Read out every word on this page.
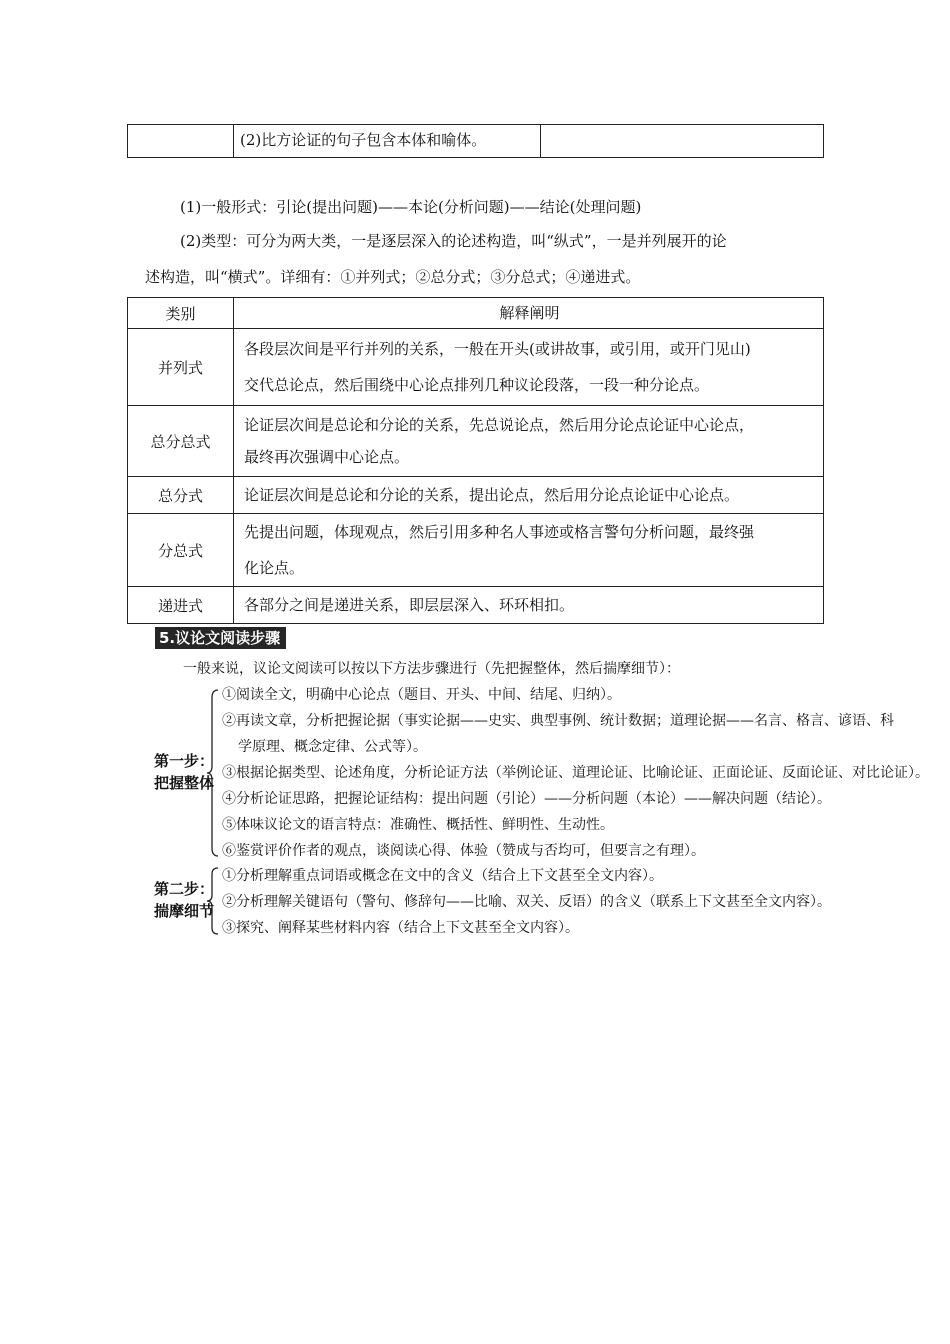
(2)比方论证的句子包含本体和喻体。
(1)一般形式：引论(提出问题)——本论(分析问题)——结论(处理问题)
(2)类型：可分为两大类，一是逐层深入的论述构造，叫“纵式”，一是并列展开的论
述构造，叫“横式”。详细有：①并列式；②总分式；③分总式；④递进式。
类别	解释阐明
并列式	各段层次间是平行并列的关系，一般在开头(或讲故事，或引用，或开门见山)
交代总论点，然后围绕中心论点排列几种议论段落，一段一种分论点。

总分总式	论证层次间是总论和分论的关系，先总说论点，然后用分论点论证中心论点，
最终再次强调中心论点。

总分式	论证层次间是总论和分论的关系，提出论点，然后用分论点论证中心论点。
分总式	先提出问题，体现观点，然后引用多种名人事迹或格言警句分析问题，最终强
化论点。

递进式	各部分之间是递进关系，即层层深入、环环相扣。
5.议论文阅读步骤
一般来说，议论文阅读可以按以下方法步骤进行（先把握整体，然后揣摩细节）：
第一步：
把握整体
①阅读全文，明确中心论点（题目、开头、中间、结尾、归纳）。
②再读文章，分析把握论据（事实论据——史实、典型事例、统计数据；道理论据——名言、格言、谚语、科
学原理、概念定律、公式等）。
③根据论据类型、论述角度，分析论证方法（举例论证、道理论证、比喻论证、正面论证、反面论证、对比论证）。
④分析论证思路，把握论证结构：提出问题（引论）——分析问题（本论）——解决问题（结论）。
⑤体味议论文的语言特点：准确性、概括性、鲜明性、生动性。
⑥鉴赏评价作者的观点，谈阅读心得、体验（赞成与否均可，但要言之有理）。
第二步：
揣摩细节
①分析理解重点词语或概念在文中的含义（结合上下文甚至全文内容）。
②分析理解关键语句（警句、修辞句——比喻、双关、反语）的含义（联系上下文甚至全文内容）。
③探究、阐释某些材料内容（结合上下文甚至全文内容）。
